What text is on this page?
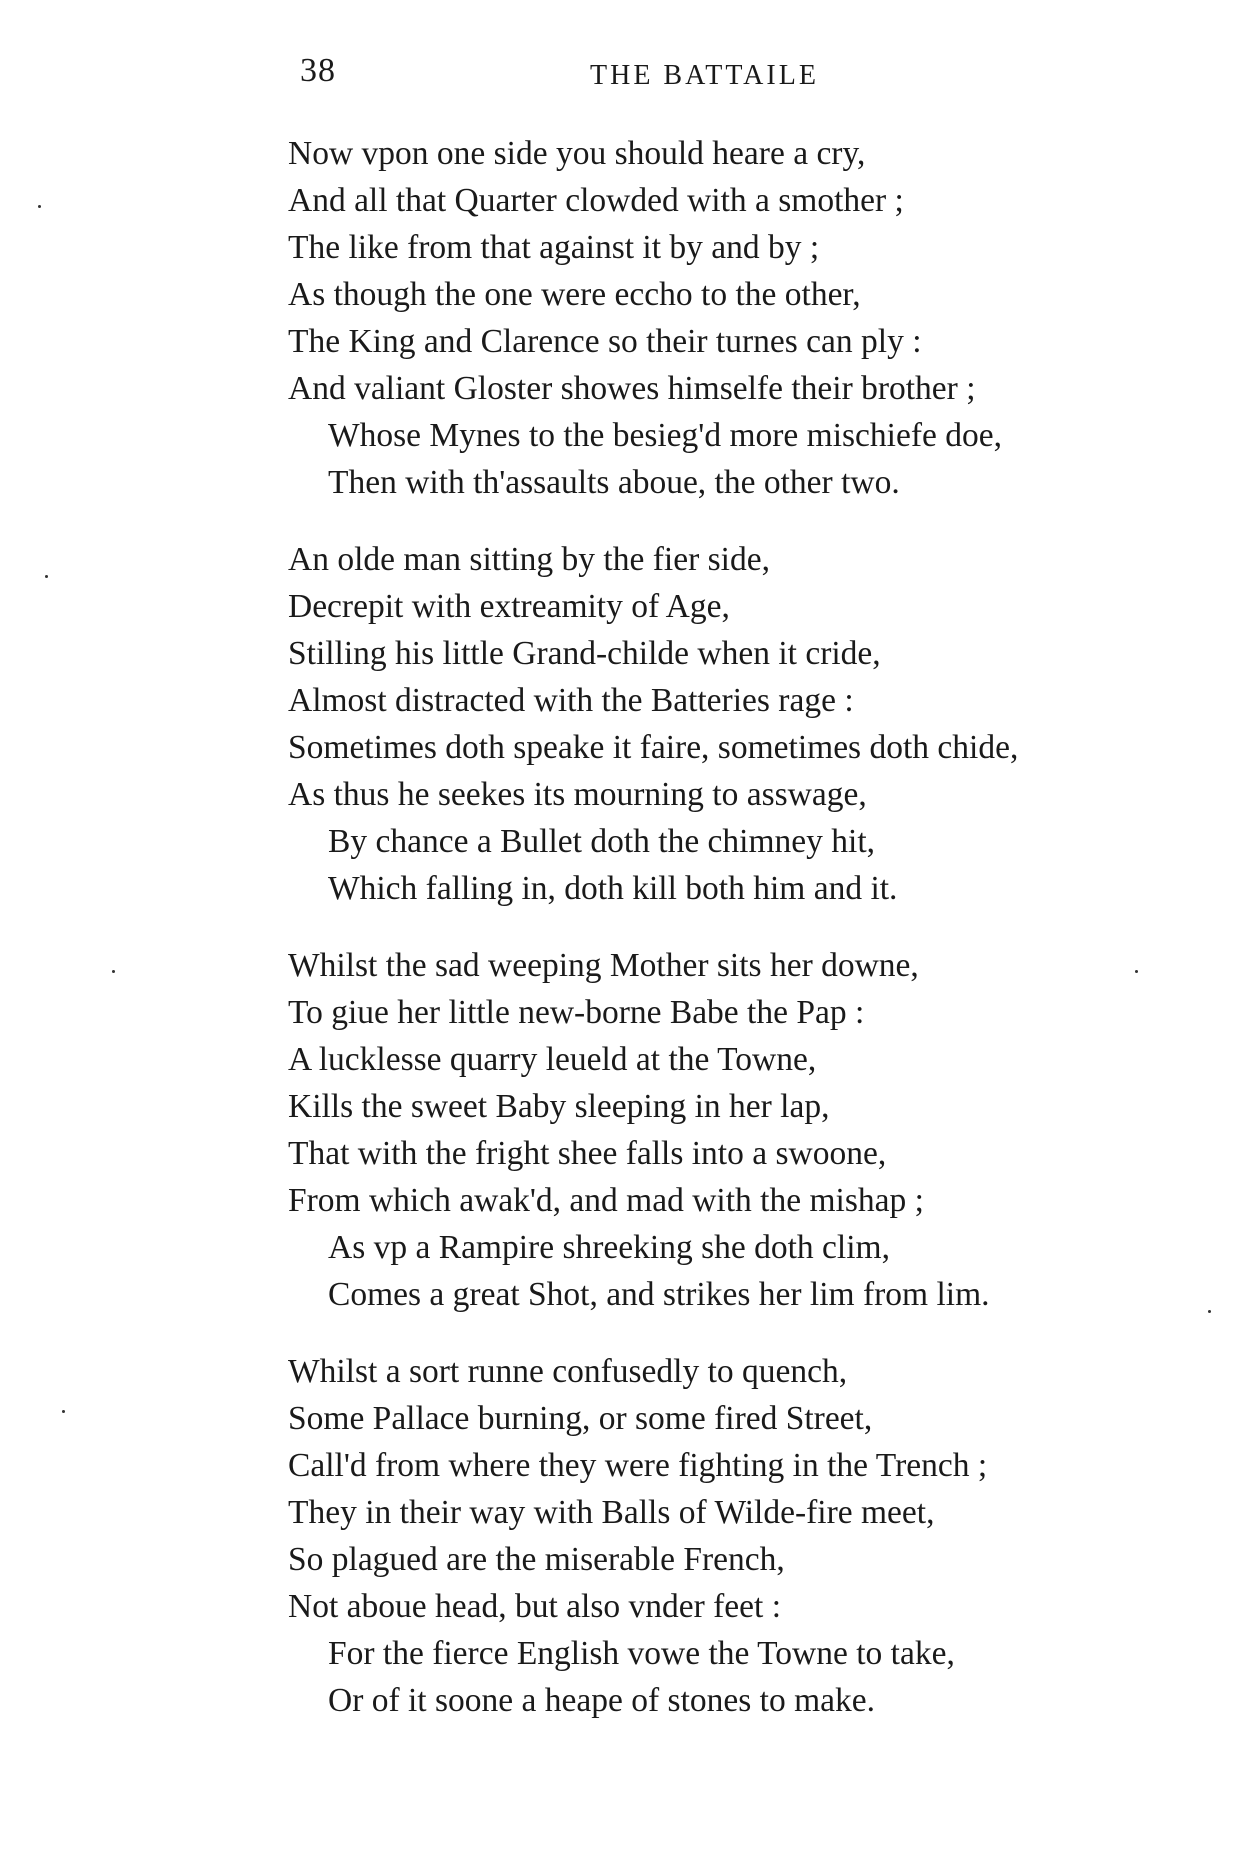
38	THE BATTAILE
Now vpon one side you should heare a cry,
And all that Quarter clowded with a smother ;
The like from that against it by and by ;
As though the one were eccho to the other,
The King and Clarence so their turnes can ply :
And valiant Gloster showes himselfe their brother ;
Whose Mynes to the besieg'd more mischiefe doe,
Then with th'assaults aboue, the other two.
An olde man sitting by the fier side,
Decrepit with extreamity of Age,
Stilling his little Grand-childe when it cride,
Almost distracted with the Batteries rage :
Sometimes doth speake it faire, sometimes doth chide,
As thus he seekes its mourning to asswage,
By chance a Bullet doth the chimney hit,
Which falling in, doth kill both him and it.
Whilst the sad weeping Mother sits her downe,
To giue her little new-borne Babe the Pap :
A lucklesse quarry leueld at the Towne,
Kills the sweet Baby sleeping in her lap,
That with the fright shee falls into a swoone,
From which awak'd, and mad with the mishap ;
As vp a Rampire shreeking she doth clim,
Comes a great Shot, and strikes her lim from lim.
Whilst a sort runne confusedly to quench,
Some Pallace burning, or some fired Street,
Call'd from where they were fighting in the Trench ;
They in their way with Balls of Wilde-fire meet,
So plagued are the miserable French,
Not aboue head, but also vnder feet :
For the fierce English vowe the Towne to take,
Or of it soone a heape of stones to make.
